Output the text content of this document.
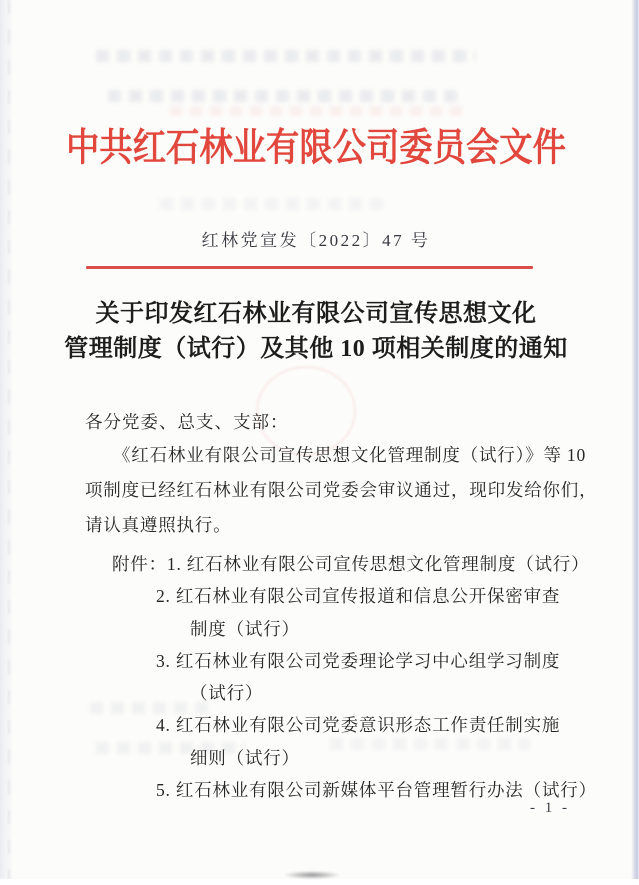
中共红石林业有限公司委员会文件
红林党宣发〔2022〕47 号
关于印发红石林业有限公司宣传思想文化
管理制度（试行）及其他 10 项相关制度的通知
各分党委、总支、支部：
《红石林业有限公司宣传思想文化管理制度（试行）》等 10
项制度已经红石林业有限公司党委会审议通过，现印发给你们，
请认真遵照执行。
附件：1. 红石林业有限公司宣传思想文化管理制度（试行）
2. 红石林业有限公司宣传报道和信息公开保密审查
制度（试行）
3. 红石林业有限公司党委理论学习中心组学习制度
（试行）
4. 红石林业有限公司党委意识形态工作责任制实施
细则（试行）
5. 红石林业有限公司新媒体平台管理暂行办法（试行）
- 1 -
